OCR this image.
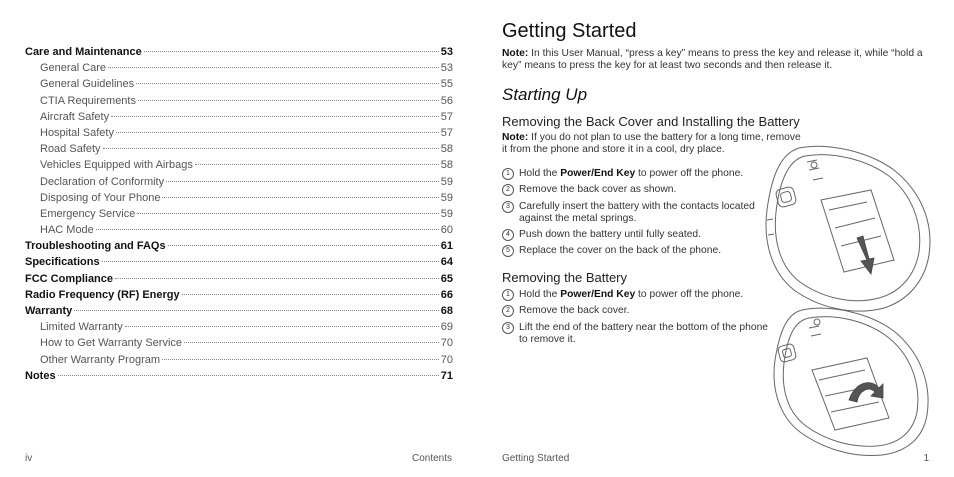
Care and Maintenance	53
General Care	53
General Guidelines	55
CTIA Requirements	56
Aircraft Safety	57
Hospital Safety	57
Road Safety	58
Vehicles Equipped with Airbags	58
Declaration of Conformity	59
Disposing of Your Phone	59
Emergency Service	59
HAC Mode	60
Troubleshooting and FAQs	61
Specifications	64
FCC Compliance	65
Radio Frequency (RF) Energy	66
Warranty	68
Limited Warranty	69
How to Get Warranty Service	70
Other Warranty Program	70
Notes	71
iv	Contents
Getting Started
Note: In this User Manual, “press a key” means to press the key and release it, while “hold a key” means to press the key for at least two seconds and then release it.
Starting Up
Removing the Back Cover and Installing the Battery
Note: If you do not plan to use the battery for a long time, remove it from the phone and store it in a cool, dry place.
1 Hold the Power/End Key to power off the phone.
2 Remove the back cover as shown.
3 Carefully insert the battery with the contacts located against the metal springs.
4 Push down the battery until fully seated.
5 Replace the cover on the back of the phone.
Removing the Battery
1 Hold the Power/End Key to power off the phone.
2 Remove the back cover.
3 Lift the end of the battery near the bottom of the phone to remove it.
Getting Started	1
